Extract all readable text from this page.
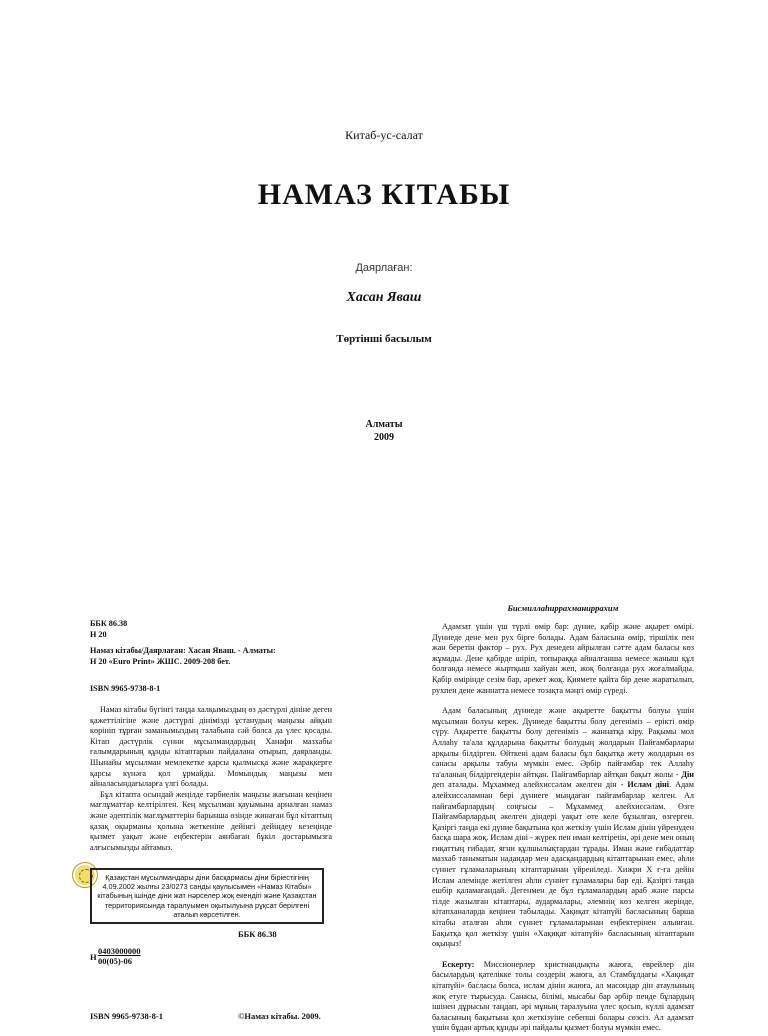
Китаб-ус-салат
НАМАЗ КІТАБЫ
Даярлаған:
Хасан Яваш
Төртінші басылым
Алматы
2009
ББК 86.38
Н 20
Намаз кітабы/Даярлаған: Хасан Яваш. - Алматы:
Н 20 «Euro Print» ЖШС. 2009-208 бет.
ISBN 9965-9738-8-1

Намаз кітабы бүгінгі таңда халқымыздың өз дәстүрлі дініне деген қажеттілігіне және дәстүрлі дінімізді ұстанудың маңызы айқын көрініп тұрған заманымыздың талабына сәй болса да үлес қосады. Кітап дәстүрлік сүнни мұсылмандардың Ханафи мазхабы ғалымдарының құнды кітаптарын пайдалана отырып, даярланды. Шынайы мұсылман мемлекетке қарсы қылмысқа және жарақкерге қарсы күнәға қол ұрмайды. Момындық маңызы мен айналасындағыларға үлгі болады.

Бұл кітапта осындай жеңілде тәрбиелік маңызы жағынан кеңінен мағлұматтар келтірілген. Кең мұсылман қауымына арналған намаз және әдептілік мағлұматтерін барынша өзінде жинаған бұл кітаптың қазақ оқырманы қолына жеткеніне дейінгі дейіндеу кезеңінде қызмет уақыт және еңбектерін аянбаған бұкіл достарымызға алғысымызды айтамыз.

Қазақстан мұсылмандары діни басқармасы діни біріестігінің 4.09.2002 жылғы 23/0273 санды қаулысымен «Намаз Кітабы» кітабының ішінде діни жат нәрселер жоқ екендігі және Қазақстан территориясында таралуымен оқытылуына рұқсат берілгені аталып көрсетілген.
ББК 86.38
Н $\frac{0403000000}{00(05)-06}$
ISBN 9965-9738-8-1	©Намаз кітабы. 2009.
Бисмиллаһиррахманиррахим

Адамзат үшін үш түрлі өмір бар: дүние, қабір және ақырет өмірі. Дүниеде дене мен рух бірге болады. Адам баласына өмір, тіршілік пен жан беретін фактор – рух. Рух денеден айрылған сәтте адам баласы көз жұмады. Дене қабірде шіріп, топыраққа айналғанша немесе жаныш құл болғанда немесе жыртқыш хайуан жеп, жоқ болғанда рух жоғалмайды. Қабір өмірінде сезім бар, әрекет жоқ. Қиямете қайта бір дене жаратылып, рухпен дене жаннатта немесе тозақта мәңгі өмір сүреді.

Адам баласының дүниеде және ақыретте бақытты болуы үшін мұсылман болуы керек. Дүниеде бақытты болу дегеніміз – ерікті өмір сүру. Ақыретте бақытты болу дегеніміз – жаннатқа кіру. Рақымы мол Аллаһу та'ала құлдарына бақытты болудың жолдарын Пайғамбарлары арқылы білдірген. Өйткені адам баласы бұл бақытқа жету жолдарын өз санасы арқылы табуы мүмкін емес. Әрбір пайғамбар тек Аллаһу та'аланың білдіргендерін айтқан. Пайғамбарлар айтқан бақыт жолы - Дін деп аталады. Мұхаммед алейхиссәлам әкелген дін - Ислам діні. Адам алейхиссәламнан бері дүниеге мыңдаған пайғамбарлар келген. Ал пайғамбарлардың соңғысы – Мұхаммед алейхиссәлам. Өзге Пайғамбарлардың әкелген діндері уақыт өте келе бұзылған, өзгерген. Қазіргі таңда екі дүние бақытына қол жеткізу үшін Ислам дінін үйренуден басқа шара жоқ. Ислам діні - жүрек пен иман келтірetiн, әрі дене мен оның ғиқаттың ғибадат, ягни құлшылықтардан тұрады. Иман және ғибадаттар мазхаб таныматын надандар мен адасқандардың кітаптарынан емес, әһли сүннет ғұламаларының кітаптарынан үйреніледі. Хижри Х ғ-ға дейін Ислам әлемінде жетілген әһли сүннет ғұламалары бар еді. Қазіргі таңда ешбір қаламағандай. Дегенмен де бұл ғұламалардың араб және парсы тілде жазылған кітаптары, аудармалары, әлемнің көз келген жерінде, кітапханаларда кеңінен табылады. Хақиқат кітапүйі басласының барша кітабы аталған әһли сүннет ғұламаларынан еңбектерінен алынған. Бақытқа қол жеткізу үшін «Хақиқат кітапүйі» басласының кітаптарын оқыңыз!

Ескерту: Миссионерлер христиандықты жаюға, еврейлер дін басылардың қателікке толы сөздерін жаюға, ал Стамбұлдағы «Хақиқат кітапүйі» басласы болса, ислам дінін жаюға, ал масондар дін атаулының жоқ етуге тырысуда. Санасы, білімі, мысабы бар әрбір пенде бұлардың ішінен дұрысын таңдап, әрі мұның таралуына үлес қосып, күллі адамзат баласының бақытына қол жеткізуіне себепші болары сөзсіз. Ал адамзат үшін бұдан артық құнды әрі пайдалы қызмет болуы мүмкін емес.
